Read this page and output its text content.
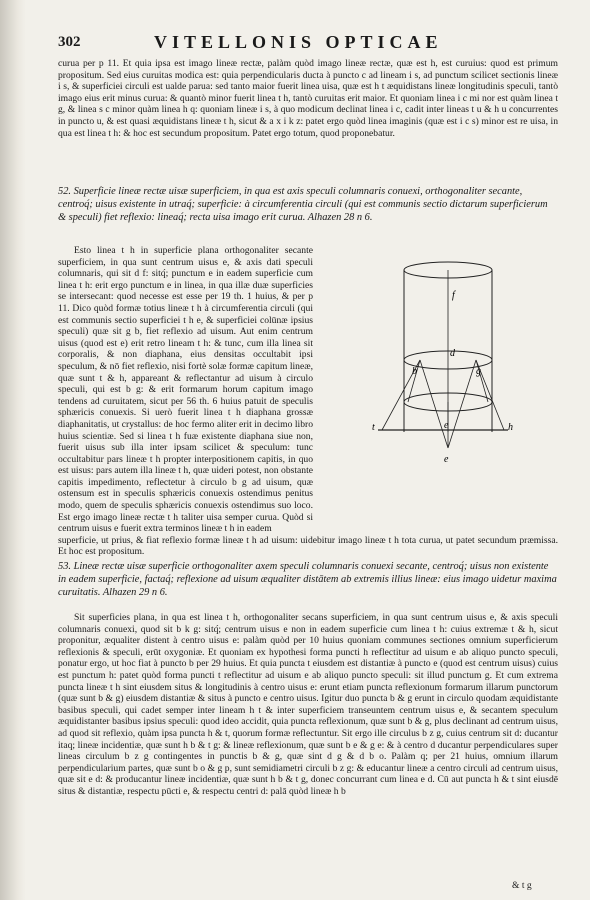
302	VITELLONIS OPTICAE
curua per p 11. Et quia ipsa est imago lineæ rectæ, palàm quòd imago lineæ rectæ, quæ est h, est curuius: quod est primum propositum. Sed eius curuitas modica est: quia perpendicularis ducta à puncto c ad lineam i s, ad punctum scilicet sectionis lineæ i s, & superficiei circuli est ualde parua: sed tanto maior fuerit linea uisa, quæ est h t æquidistans lineæ longitudinis speculi, tantò imago eius erit minus curua: & quantò minor fuerit linea t h, tantò curuitas erit maior. Et quoniam linea i c mi nor est quàm linea t g, & linea s c minor quàm linea h q: quoniam lineæ i s, à quo modicum declinat linea i c, cadit inter lineas t u & h u concurrentes in puncto u, & est quasi æquidistans lineæ t h, sicut & a x i k z: patet ergo quòd linea imaginis (quæ est i c s) minor est re uisa, in qua est linea t h: & hoc est secundum propositum. Patet ergo totum, quod proponebatur.
52. Superficie lineæ rectæ uisæ superficiem, in qua est axis speculi columnaris conuexi, orthogonaliter secante, centroq́; uisus existente in utraq́; superficie: à circumferentia circuli (qui est communis sectio dictarum superficierum & speculi) fiet reflexio: lineaq́; recta uisa imago erit curua. Alhazen 28 n 6.
Esto linea t h in superficie plana orthogonaliter secante superficiem, in qua sunt centrum uisus e, & axis dati speculi columnaris, qui sit d f: sitq́; punctum e in eadem superficie cum linea t h: erit ergo punctum e in linea, in qua illæ duæ superficies se intersecant: quod necesse est esse per 19 th. 1 huius, & per p 11. Dico quòd formæ totius lineæ t h à circumferentia circuli (qui est communis sectio superficiei t h e, & superficiei colūnæ ipsius speculi) quæ sit g b, fiet reflexio ad uisum. Aut enim centrum uisus (quod est e) erit retro lineam t h: & tunc, cum illa linea sit corporalis, & non diaphana, eius densitas occultabit ipsi speculum, & nō fiet reflexio, nisi fortè solæ formæ capitum lineæ, quæ sunt t & h, appareant & reflectantur ad uisum à circulo speculi, qui est b g: & erit formarum horum capitum imago tendens ad curuitatem, sicut per 56 th. 6 huius patuit de speculis sphæricis conuexis. Si uerò fuerit linea t h diaphana grossæ diaphanitatis, ut crystallus: de hoc fermo aliter erit in decimo libro huius scientiæ. Sed si linea t h fuæ existente diaphana siue non, fuerit uisus sub illa inter ipsam scilicet & speculum: tunc occultabitur pars lineæ t h propter interpositionem capitis, in quo est uisus: pars autem illa lineæ t h, quæ uideri potest, non obstante capitis impedimento, reflectetur à circulo b g ad uisum, quæ ostensum est in speculis sphæricis conuexis ostendimus penitus modo, quem de speculis sphæricis conuexis ostendimus suo loco. Est ergo imago lineæ rectæ t h taliter uisa semper curua. Quòd si centrum uisus e fuerit extra terminos lineæ t h in eadem
superficie, ut prius, & fiat reflexio formæ lineæ t h ad uisum: uidebitur imago lineæ t h tota curua, ut patet secundum præmissa. Et hoc est propositum.
f
d
b	g
t	h
e
e
53. Lineæ rectæ uisæ superficie orthogonaliter axem speculi columnaris conuexi secante, centroq́; uisus non existente in eadem superficie, factaq́; reflexione ad uisum æqualiter distātem ab extremis illius lineæ: eius imago uidetur maxima curuitatis. Alhazen 29 n 6.
Sit superficies plana, in qua est linea t h, orthogonaliter secans superficiem, in qua sunt centrum uisus e, & axis speculi columnaris conuexi, quod sit b k g: sitq́; centrum uisus e non in eadem superficie cum linea t h: cuius extremæ t & h, sicut proponitur, æqualiter distent à centro uisus e: palàm quòd per 10 huius quoniam communes sectiones omnium superficierum reflexionis & speculi, erūt oxygoniæ. Et quoniam ex hypothesi forma puncti h reflectitur ad uisum e ab aliquo puncto speculi, ponatur ergo, ut hoc fiat à puncto b per 29 huius. Et quia puncta t eiusdem est distantiæ à puncto e (quod est centrum uisus) cuius est punctum h: patet quòd forma puncti t reflectitur ad uisum e ab aliquo puncto speculi: sit illud punctum g. Et cum extrema puncta lineæ t h sint eiusdem situs & longitudinis à centro uisus e: erunt etiam puncta reflexionum formarum illarum punctorum (quæ sunt b & g) eiusdem distantiæ & situs à puncto e centro uisus. Igitur duo puncta b & g erunt in circulo quodam æquidistante basibus speculi, qui cadet semper inter lineam h t & inter superficiem transeuntem centrum uisus e, & secantem speculum æquidistanter basibus ipsius speculi: quod ideo accidit, quia puncta reflexionum, quæ sunt b & g, plus declinant ad centrum uisus, ad quod sit reflexio, quàm ipsa puncta h & t, quorum formæ reflectuntur. Sit ergo ille circulus b z g, cuius centrum sit d: ducantur itaq; lineæ incidentiæ, quæ sunt h b & t g: & lineæ reflexionum, quæ sunt b e & g e: & à centro d ducantur perpendiculares super lineas circulum b z g contingentes in punctis b & g, quæ sint d g & d b o. Palàm q; per 21 huius, omnium illarum perpendicularium partes, quæ sunt b o & g p, sunt semidiametri circuli b z g: & educantur lineæ a centro circuli ad centrum uisus, quæ sit e d: & producantur lineæ incidentiæ, quæ sunt h b & t g, donec concurrant cum linea e d. Cū aut puncta h & t sint eiusdē situs & distantiæ, respectu pūcti e, & respectu centri d: palā quòd lineæ h b
& t g
